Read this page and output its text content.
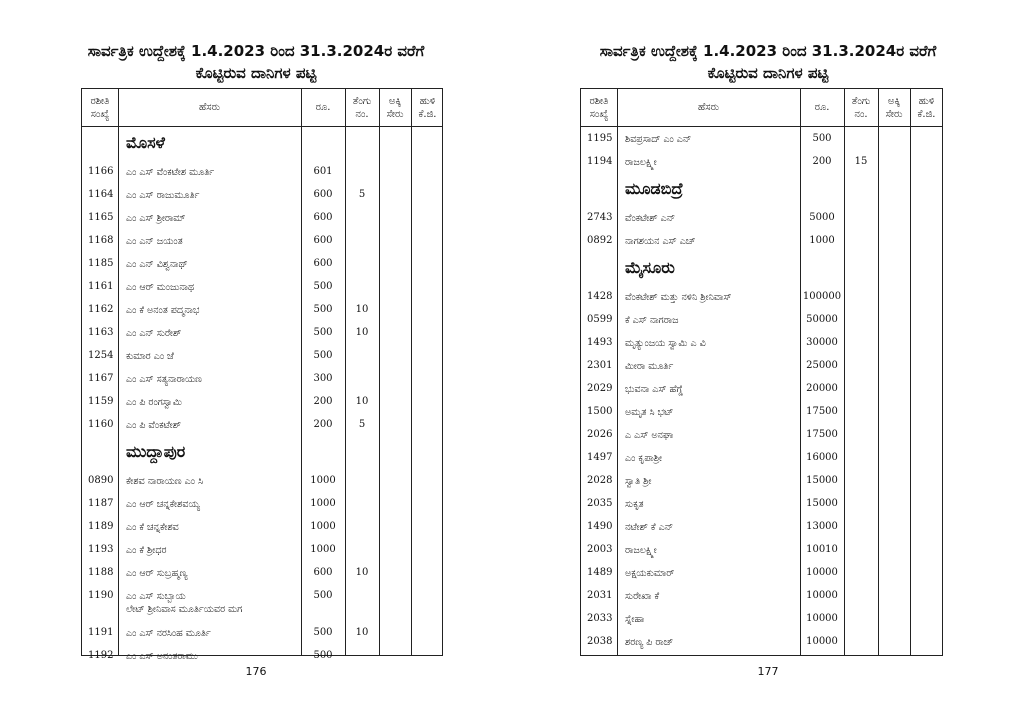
ಸಾರ್ವತ್ರಿಕ ಉದ್ದೇಶಕ್ಕೆ 1.4.2023 ರಿಂದ 31.3.2024ರ ವರೆಗೆ
ಕೊಟ್ಟಿರುವ ದಾನಿಗಳ ಪಟ್ಟಿ
ರಶೀತಿ ಸಂಖ್ಯೆ
ಹೆಸರು	ರೂ.
ತೆಂಗು ನಂ.
ಅಕ್ಕಿ ಸೇರು
ಹುಳಿ ಕೆ.ಜಿ.
ಮೊಸಳೆ
1166 ಎಂ ಎಸ್ ವೆಂಕಟೇಶ ಮೂರ್ತಿ	601
1164 ಎಂ ಎಸ್ ರಾಜುಮೂರ್ತಿ	600	5
1165 ಎಂ ಎಸ್ ಶ್ರೀರಾಮ್	600
1168 ಎಂ ಎನ್ ಜಯಂತ	600
1185 ಎಂ ಎನ್ ವಿಶ್ವನಾಥ್	600
1161 ಎಂ ಆರ್ ಮಂಜುನಾಥ	500
1162 ಎಂ ಕೆ ಅನಂತ ಪದ್ಮನಾಭ	500	10
1163 ಎಂ ಎನ್ ಸುರೇಶ್	500	10
1254 ಕುಮಾರ ಎಂ ಜೆ	500
1167 ಎಂ ಎಸ್ ಸತ್ಯನಾರಾಯಣ	300
1159 ಎಂ ಪಿ ರಂಗಸ್ವಾಮಿ	200	10
1160 ಎಂ ಪಿ ವೆಂಕಟೇಶ್	200	5
ಮುದ್ದಾಪುರ
0890 ಕೇಶವ ನಾರಾಯಣ ಎಂ ಸಿ	1000
1187 ಎಂ ಆರ್ ಚನ್ನಕೇಶವಯ್ಯ	1000
1189 ಎಂ ಕೆ ಚನ್ನಕೇಶವ	1000
1193 ಎಂ ಕೆ ಶ್ರೀಧರ	1000
1188 ಎಂ ಆರ್ ಸುಬ್ರಹ್ಮಣ್ಯ	600	10
1190 ಎಂ ಎಸ್ ಸುಬ್ಬಾಯ
ಲೇಟ್ ಶ್ರೀನಿವಾಸ ಮೂರ್ತಿಯವರ ಮಗ
500
1191 ಎಂ ಎಸ್ ನರಸಿಂಹ ಮೂರ್ತಿ	500	10
1192 ಎಂ ಎಸ್ ಅನಂತರಾಮು	500
176
ಸಾರ್ವತ್ರಿಕ ಉದ್ದೇಶಕ್ಕೆ 1.4.2023 ರಿಂದ 31.3.2024ರ ವರೆಗೆ
ಕೊಟ್ಟಿರುವ ದಾನಿಗಳ ಪಟ್ಟಿ
ರಶೀತಿ ಸಂಖ್ಯೆ
ಹೆಸರು	ರೂ.
ತೆಂಗು ನಂ.
ಅಕ್ಕಿ ಸೇರು
ಹುಳಿ ಕೆ.ಜಿ.
1195 ಶಿವಪ್ರಸಾದ್ ಎಂ ಎನ್	500
1194 ರಾಜಲಕ್ಷ್ಮೀ	200	15
ಮೂಡಬಿದ್ರೆ
2743 ವೆಂಕಟೇಶ್ ಎನ್	5000
0892 ನಾಗಶಯನ ಎಸ್ ಎಚ್	1000
ಮೈಸೂರು
1428 ವೆಂಕಟೇಶ್ ಮತ್ತು ನಳಿನಿ ಶ್ರೀನಿವಾಸ್	100000
0599 ಕೆ ಎಸ್ ನಾಗರಾಜ	50000
1493 ಮೃತ್ಯುಂಜಯ ಸ್ವಾಮಿ ಎ ವಿ	30000
2301 ಮೀರಾ ಮೂರ್ತಿ	25000
2029 ಭುವನಾ ಎಸ್ ಹೆಗ್ಡೆ	20000
1500 ಅಮೃತ ಸಿ ಭಟ್	17500
2026 ಎ ಎಸ್ ಅನಘಾ	17500
1497 ಎಂ ಕೃಪಾಶ್ರೀ	16000
2028 ಸ್ವಾತಿ ಶ್ರೀ	15000
2035 ಸುಕೃತ	15000
1490 ನಟೇಶ್ ಕೆ ಎನ್	13000
2003 ರಾಜಲಕ್ಷ್ಮೀ	10010
1489 ಅಕ್ಷಯಕುಮಾರ್	10000
2031 ಸುರೇಖಾ ಕೆ	10000
2033 ಸ್ನೇಹಾ	10000
2038 ಶರಣ್ಯ ಪಿ ರಾಜ್	10000
177
